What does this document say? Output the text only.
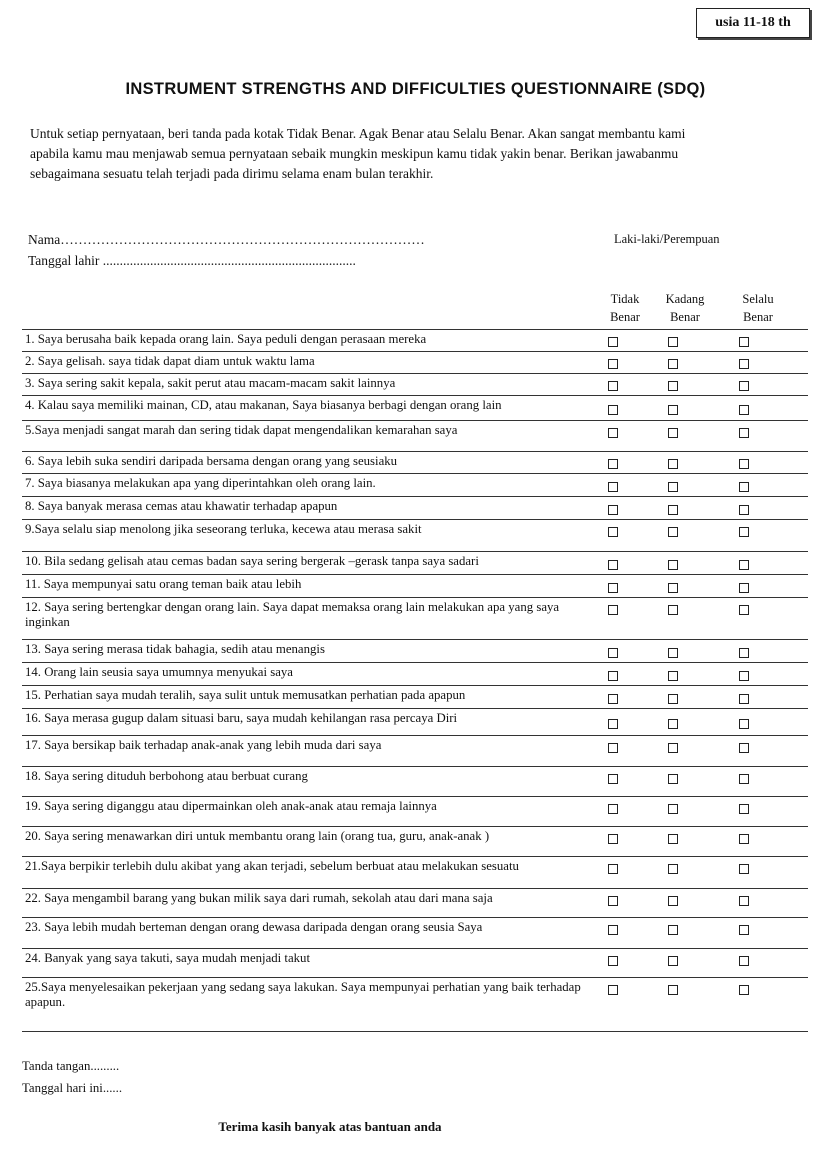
usia 11-18 th
INSTRUMENT STRENGTHS AND DIFFICULTIES QUESTIONNAIRE (SDQ)
Untuk setiap pernyataan, beri tanda pada kotak Tidak Benar. Agak Benar atau Selalu Benar. Akan sangat membantu kami apabila kamu mau menjawab semua pernyataan sebaik mungkin meskipun kamu tidak yakin benar. Berikan jawabanmu sebagaimana sesuatu telah terjadi pada dirimu selama enam bulan terakhir.
Nama………………………………………………………………………
Tanggal lahir ...........................................................................
Laki-laki/Perempuan
Tidak Benar
Kadang Benar
Selalu Benar
1. Saya berusaha baik kepada orang lain. Saya peduli dengan perasaan mereka
2. Saya gelisah. saya tidak dapat diam untuk waktu lama
3. Saya sering sakit kepala, sakit perut atau macam-macam sakit lainnya
4. Kalau saya memiliki mainan, CD, atau makanan, Saya biasanya berbagi dengan orang lain
5.Saya menjadi sangat marah dan sering tidak dapat mengendalikan kemarahan saya
6. Saya lebih suka sendiri daripada bersama dengan orang yang seusiaku
7. Saya biasanya melakukan apa yang diperintahkan oleh orang lain.
8. Saya banyak merasa cemas atau khawatir terhadap apapun
9.Saya selalu siap menolong jika seseorang terluka, kecewa atau merasa sakit
10. Bila sedang gelisah atau cemas badan saya sering bergerak –gerask tanpa saya sadari
11. Saya mempunyai satu orang teman baik atau lebih
12. Saya sering bertengkar dengan orang lain. Saya dapat memaksa orang lain melakukan apa yang saya inginkan
13. Saya sering merasa tidak bahagia, sedih atau menangis
14. Orang lain seusia saya umumnya menyukai saya
15. Perhatian saya mudah teralih, saya sulit untuk memusatkan perhatian pada apapun
16. Saya merasa gugup dalam situasi baru, saya mudah kehilangan rasa percaya Diri
17. Saya bersikap baik terhadap anak-anak yang lebih muda dari saya
18. Saya sering dituduh berbohong atau berbuat curang
19. Saya sering diganggu atau dipermainkan oleh anak-anak atau remaja lainnya
20. Saya sering menawarkan diri untuk membantu orang lain (orang tua, guru, anak-anak )
21.Saya berpikir terlebih dulu akibat yang akan terjadi, sebelum berbuat atau melakukan sesuatu
22. Saya mengambil barang yang bukan milik saya dari rumah, sekolah atau dari mana saja
23. Saya lebih mudah berteman dengan orang dewasa daripada dengan orang seusia Saya
24. Banyak yang saya takuti, saya mudah menjadi takut
25.Saya menyelesaikan pekerjaan yang sedang saya lakukan. Saya mempunyai perhatian yang baik terhadap apapun.
Tanda tangan.........
Tanggal hari ini......
Terima kasih banyak atas bantuan anda
